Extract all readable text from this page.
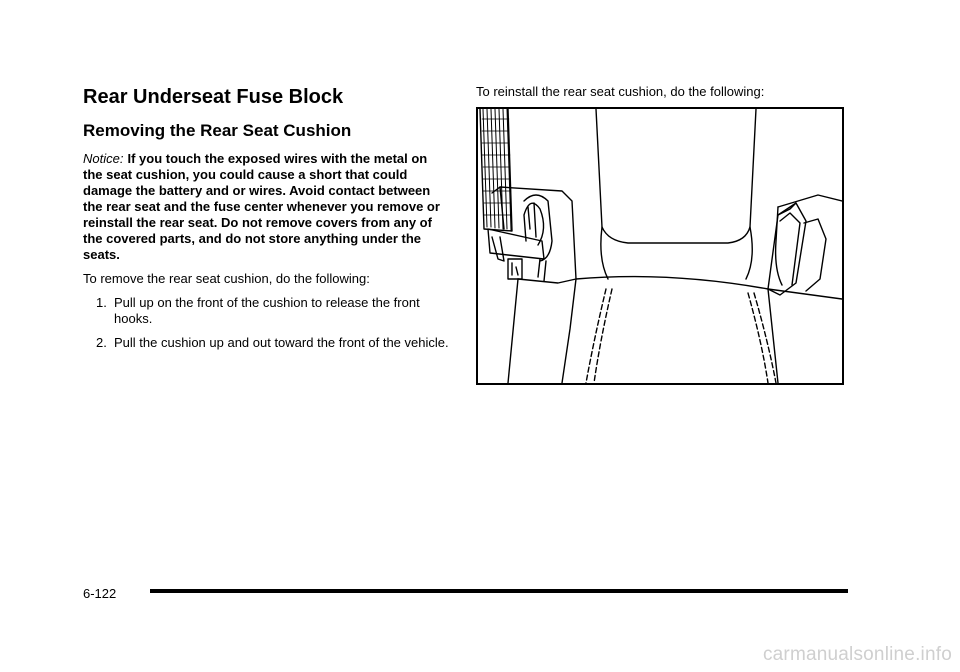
Rear Underseat Fuse Block
Removing the Rear Seat Cushion

Notice: If you touch the exposed wires with the metal on the seat cushion, you could cause a short that could damage the battery and or wires. Avoid contact between the rear seat and the fuse center whenever you remove or reinstall the rear seat. Do not remove covers from any of the covered parts, and do not store anything under the seats.

To remove the rear seat cushion, do the following:

1. Pull up on the front of the cushion to release the front hooks.
2. Pull the cushion up and out toward the front of the vehicle.

To reinstall the rear seat cushion, do the following:

6-122
carmanualsonline.info
